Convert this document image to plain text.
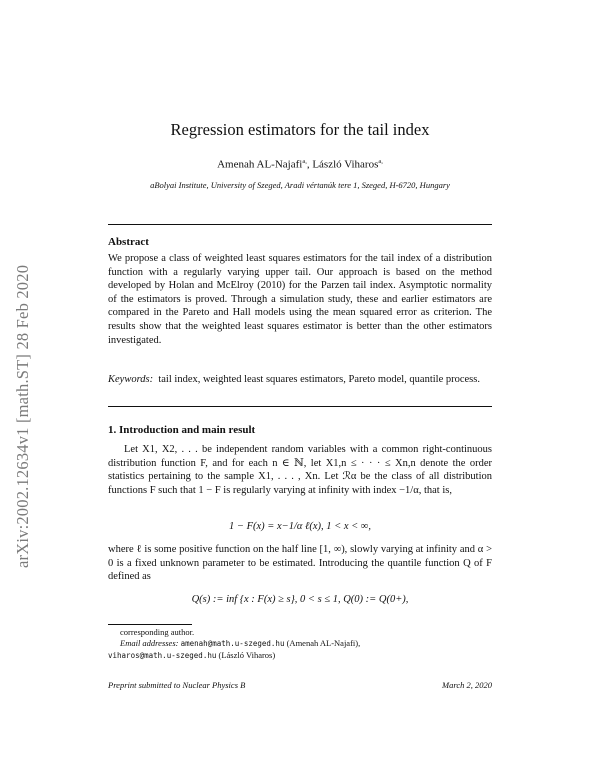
arXiv:2002.12634v1 [math.ST] 28 Feb 2020
Regression estimators for the tail index
Amenah AL-Najafi$^{a,}$, László Viharos$^{a,}$
aBolyai Institute, University of Szeged, Aradi vértanúk tere 1, Szeged, H-6720, Hungary
Abstract
We propose a class of weighted least squares estimators for the tail index of a distribution function with a regularly varying upper tail. Our approach is based on the method developed by Holan and McElroy (2010) for the Parzen tail index. Asymptotic normality of the estimators is proved. Through a simulation study, these and earlier estimators are compared in the Pareto and Hall models using the mean squared error as criterion. The results show that the weighted least squares estimator is better than the other estimators investigated.
Keywords: tail index, weighted least squares estimators, Pareto model, quantile process.
1. Introduction and main result
Let X1, X2, . . . be independent random variables with a common right-continuous distribution function F, and for each n ∈ ℕ, let X1,n ≤ · · · ≤ Xn,n denote the order statistics pertaining to the sample X1, . . . , Xn. Let ℛα be the class of all distribution functions F such that 1 − F is regularly varying at infinity with index −1/α, that is,
1 − F(x) = x−1/α ℓ(x), 1 < x < ∞,
where ℓ is some positive function on the half line [1, ∞), slowly varying at infinity and α > 0 is a fixed unknown parameter to be estimated. Introducing the quantile function Q of F defined as
Q(s) := inf {x : F(x) ≥ s}, 0 < s ≤ 1, Q(0) := Q(0+),
corresponding author.
Email addresses: amenah@math.u-szeged.hu (Amenah AL-Najafi),
viharos@math.u-szeged.hu (László Viharos)
Preprint submitted to Nuclear Physics B	March 2, 2020
